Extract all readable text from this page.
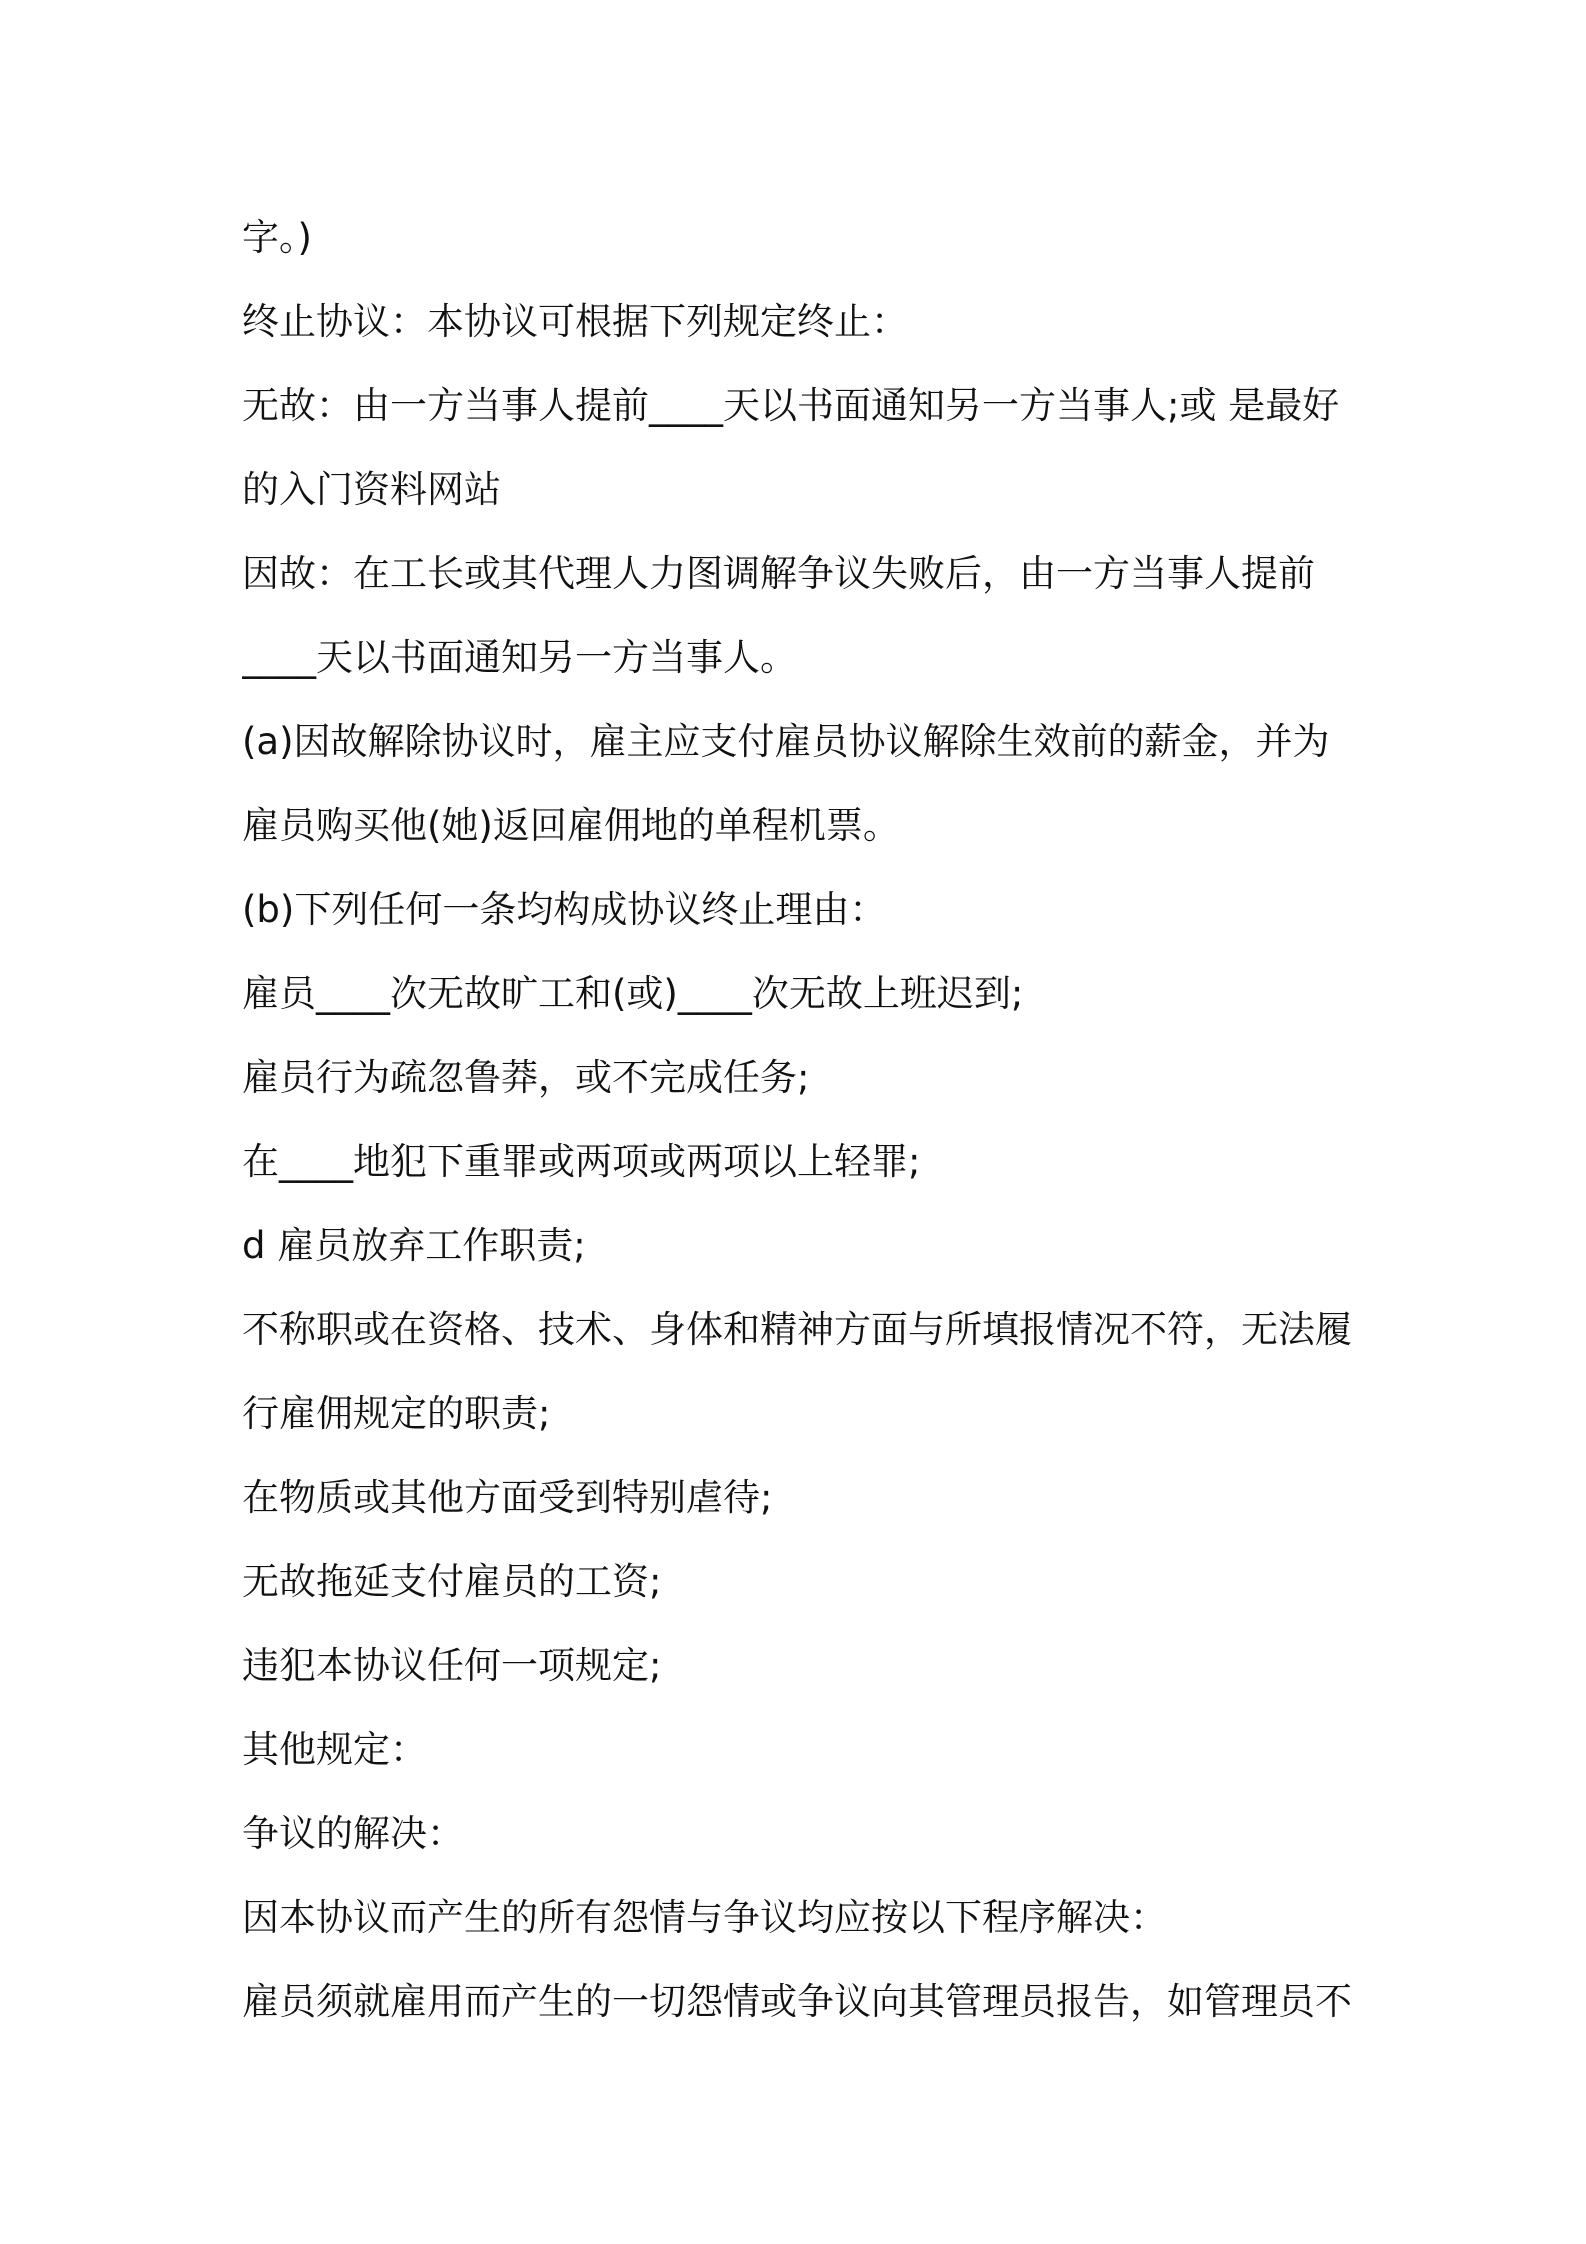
字。)
终止协议：本协议可根据下列规定终止：
无故：由一方当事人提前____天以书面通知另一方当事人;或 是最好
的入门资料网站
因故：在工长或其代理人力图调解争议失败后，由一方当事人提前
____天以书面通知另一方当事人。
(a)因故解除协议时，雇主应支付雇员协议解除生效前的薪金，并为
雇员购买他(她)返回雇佣地的单程机票。
(b)下列任何一条均构成协议终止理由：
雇员____次无故旷工和(或)____次无故上班迟到;
雇员行为疏忽鲁莽，或不完成任务;
在____地犯下重罪或两项或两项以上轻罪;
d 雇员放弃工作职责;
不称职或在资格、技术、身体和精神方面与所填报情况不符，无法履
行雇佣规定的职责;
在物质或其他方面受到特别虐待;
无故拖延支付雇员的工资;
违犯本协议任何一项规定;
其他规定：
争议的解决：
因本协议而产生的所有怨情与争议均应按以下程序解决：
雇员须就雇用而产生的一切怨情或争议向其管理员报告，如管理员不
